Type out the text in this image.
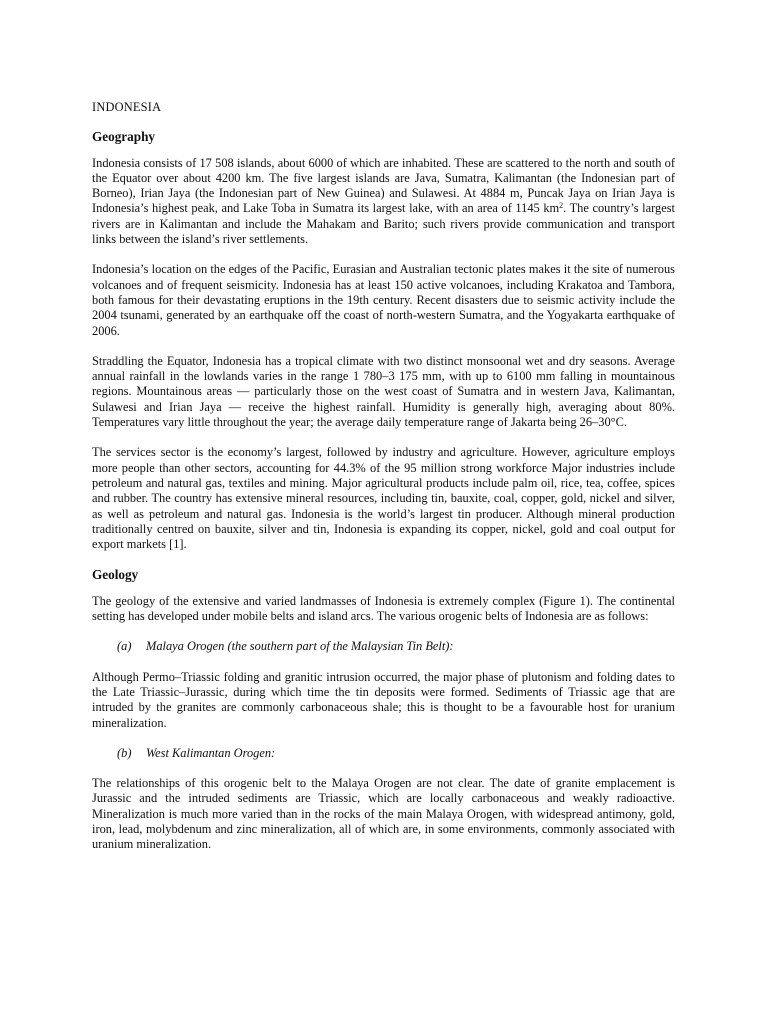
INDONESIA
Geography

Indonesia consists of 17 508 islands, about 6000 of which are inhabited. These are scattered to the north and south of the Equator over about 4200 km. The five largest islands are Java, Sumatra, Kalimantan (the Indonesian part of Borneo), Irian Jaya (the Indonesian part of New Guinea) and Sulawesi. At 4884 m, Puncak Jaya on Irian Jaya is Indonesia’s highest peak, and Lake Toba in Sumatra its largest lake, with an area of 1145 $km^2$. The country’s largest rivers are in Kalimantan and include the Mahakam and Barito; such rivers provide communication and transport links between the island’s river settlements.

Indonesia’s location on the edges of the Pacific, Eurasian and Australian tectonic plates makes it the site of numerous volcanoes and of frequent seismicity. Indonesia has at least 150 active volcanoes, including Krakatoa and Tambora, both famous for their devastating eruptions in the 19th century. Recent disasters due to seismic activity include the 2004 tsunami, generated by an earthquake off the coast of north-western Sumatra, and the Yogyakarta earthquake of 2006.

Straddling the Equator, Indonesia has a tropical climate with two distinct monsoonal wet and dry seasons. Average annual rainfall in the lowlands varies in the range 1 780–3 175 mm, with up to 6100 mm falling in mountainous regions. Mountainous areas — particularly those on the west coast of Sumatra and in western Java, Kalimantan, Sulawesi and Irian Jaya — receive the highest rainfall. Humidity is generally high, averaging about 80%. Temperatures vary little throughout the year; the average daily temperature range of Jakarta being 26–30°C.

The services sector is the economy’s largest, followed by industry and agriculture. However, agriculture employs more people than other sectors, accounting for 44.3% of the 95 million strong workforce Major industries include petroleum and natural gas, textiles and mining. Major agricultural products include palm oil, rice, tea, coffee, spices and rubber. The country has extensive mineral resources, including tin, bauxite, coal, copper, gold, nickel and silver, as well as petroleum and natural gas. Indonesia is the world’s largest tin producer. Although mineral production traditionally centred on bauxite, silver and tin, Indonesia is expanding its copper, nickel, gold and coal output for export markets [1].

Geology

The geology of the extensive and varied landmasses of Indonesia is extremely complex (Figure 1). The continental setting has developed under mobile belts and island arcs. The various orogenic belts of Indonesia are as follows:

(a) Malaya Orogen (the southern part of the Malaysian Tin Belt):

Although Permo–Triassic folding and granitic intrusion occurred, the major phase of plutonism and folding dates to the Late Triassic–Jurassic, during which time the tin deposits were formed. Sediments of Triassic age that are intruded by the granites are commonly carbonaceous shale; this is thought to be a favourable host for uranium mineralization.

(b) West Kalimantan Orogen:

The relationships of this orogenic belt to the Malaya Orogen are not clear. The date of granite emplacement is Jurassic and the intruded sediments are Triassic, which are locally carbonaceous and weakly radioactive. Mineralization is much more varied than in the rocks of the main Malaya Orogen, with widespread antimony, gold, iron, lead, molybdenum and zinc mineralization, all of which are, in some environments, commonly associated with uranium mineralization.
